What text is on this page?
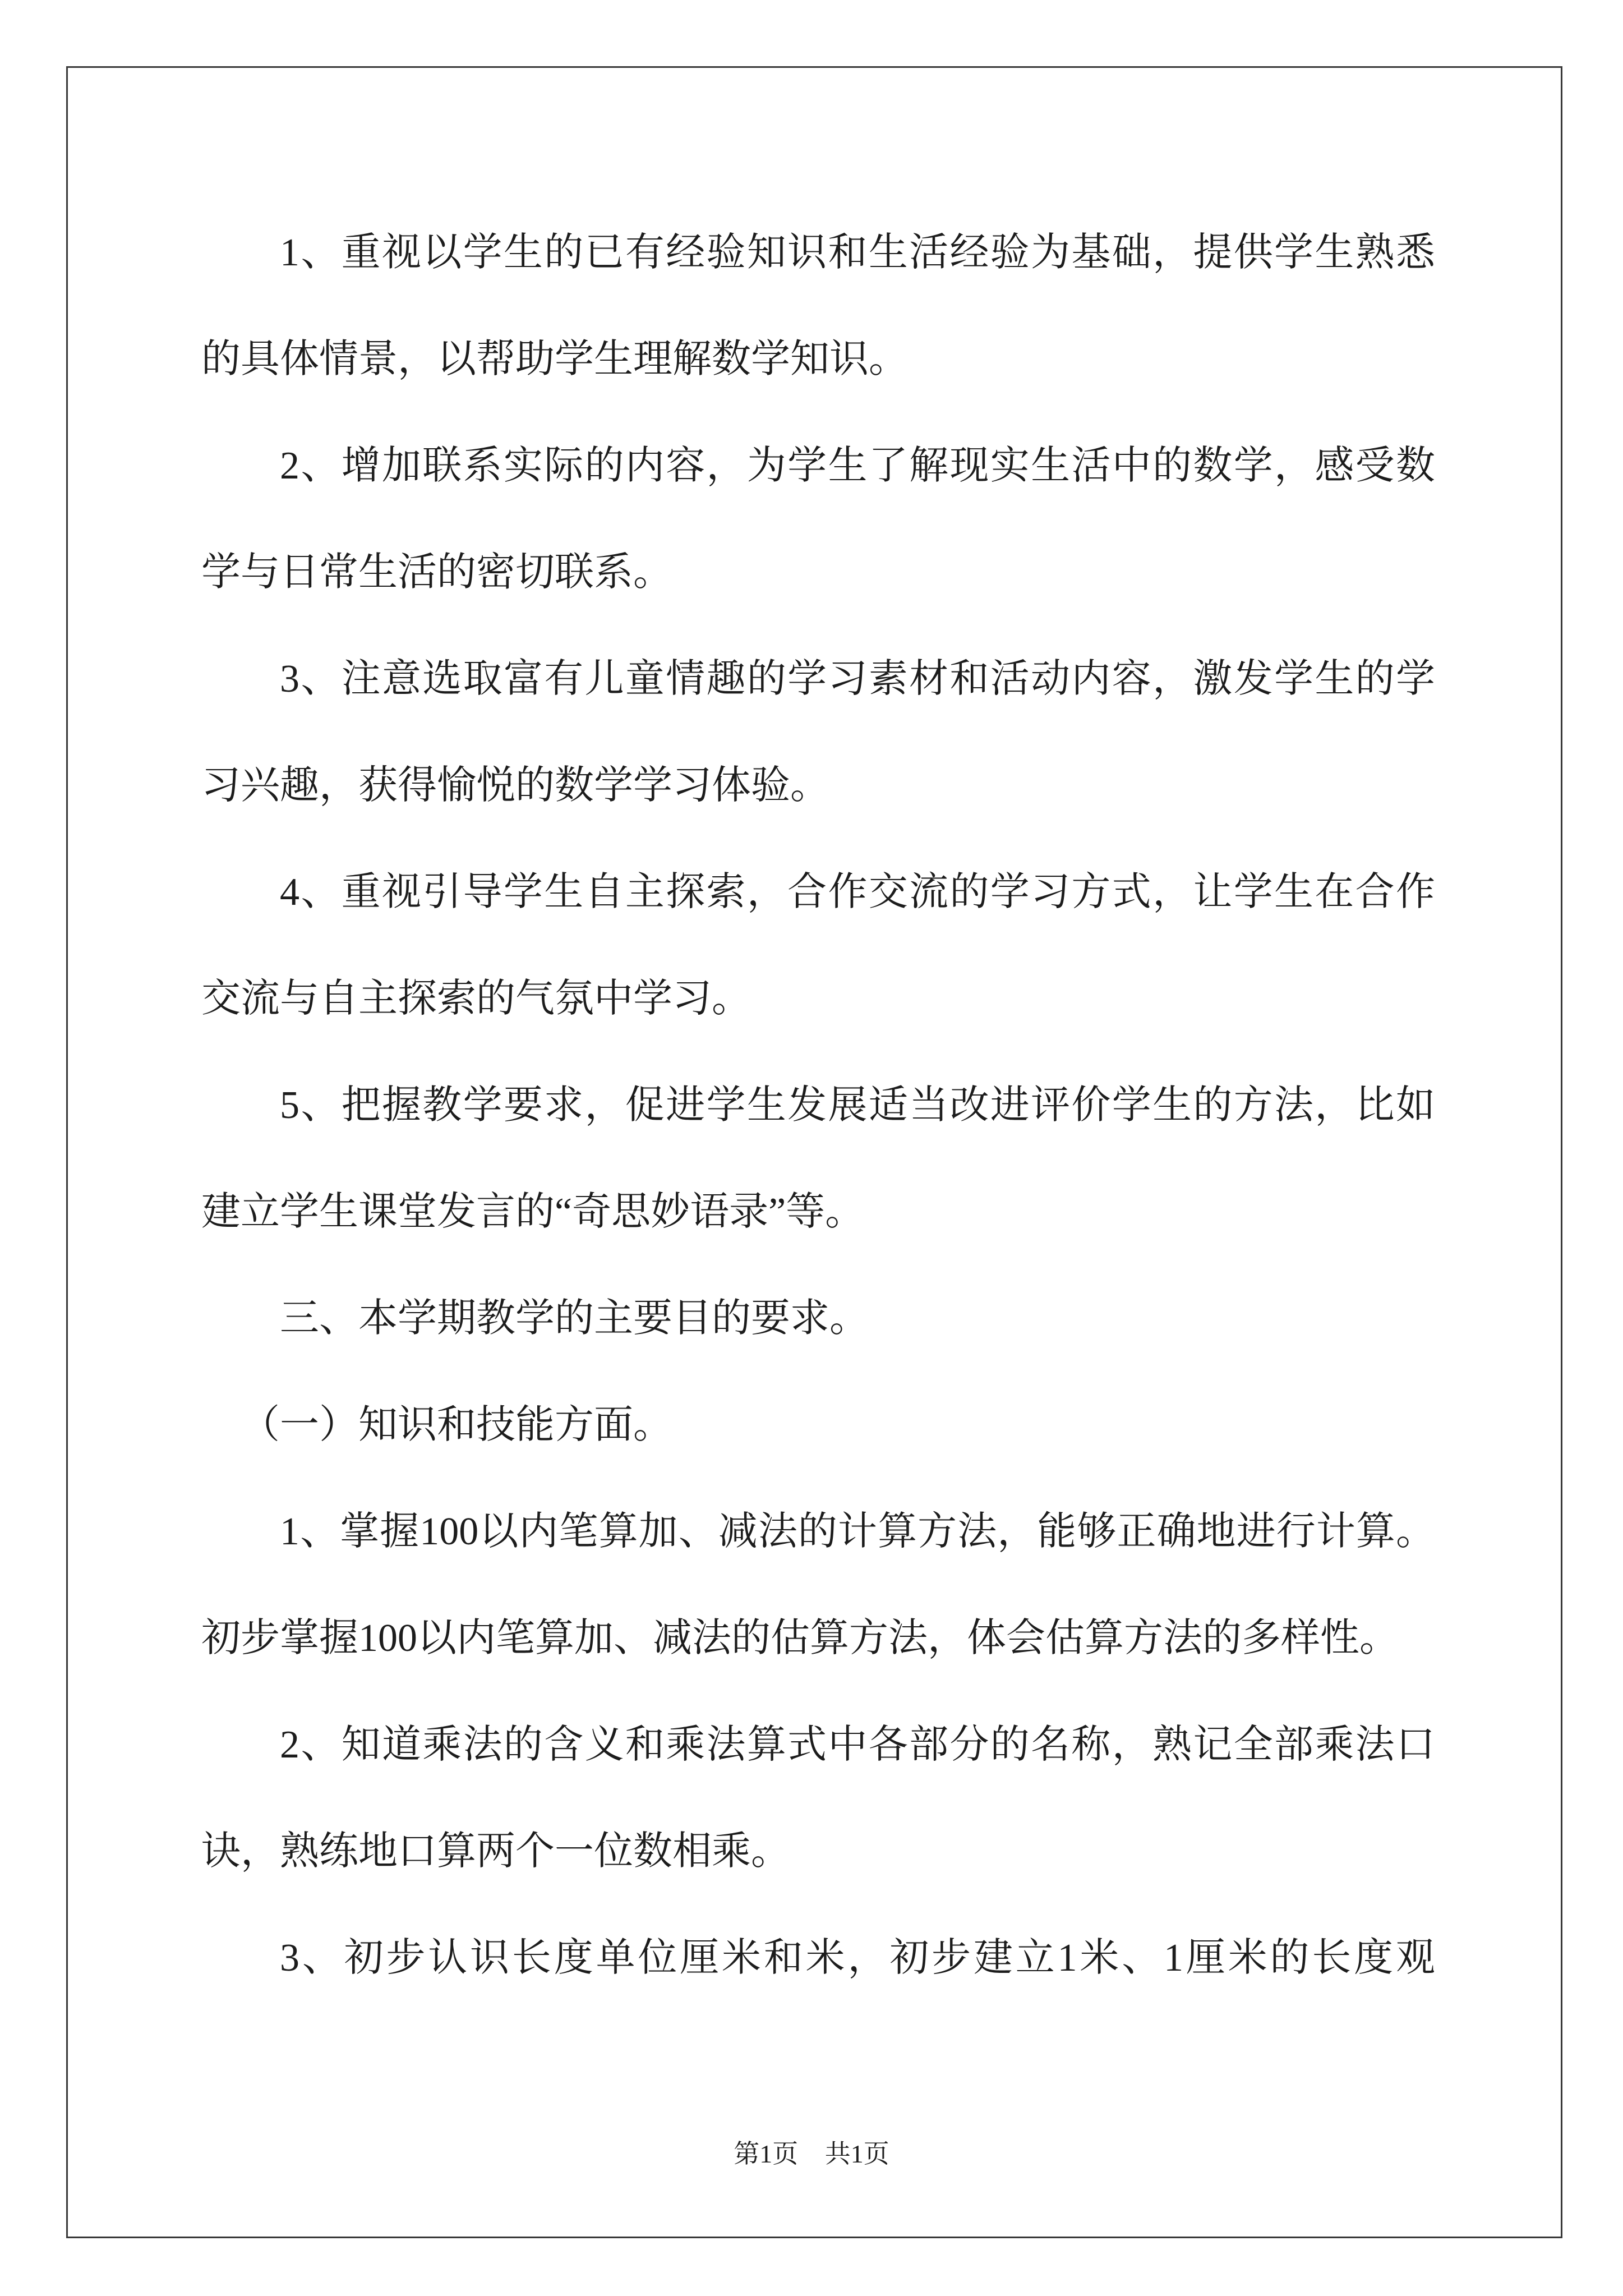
1、重视以学生的已有经验知识和生活经验为基础，提供学生熟悉
的具体情景，以帮助学生理解数学知识。
2、增加联系实际的内容，为学生了解现实生活中的数学，感受数
学与日常生活的密切联系。
3、注意选取富有儿童情趣的学习素材和活动内容，激发学生的学
习兴趣，获得愉悦的数学学习体验。
4、重视引导学生自主探索，合作交流的学习方式，让学生在合作
交流与自主探索的气氛中学习。
5、把握教学要求，促进学生发展适当改进评价学生的方法，比如
建立学生课堂发言的“奇思妙语录”等。
三、本学期教学的主要目的要求。
（一）知识和技能方面。
1、掌握100以内笔算加、减法的计算方法，能够正确地进行计算。
初步掌握100以内笔算加、减法的估算方法，体会估算方法的多样性。
2、知道乘法的含义和乘法算式中各部分的名称，熟记全部乘法口
诀，熟练地口算两个一位数相乘。
3、初步认识长度单位厘米和米，初步建立1米、1厘米的长度观
第1页 共1页
